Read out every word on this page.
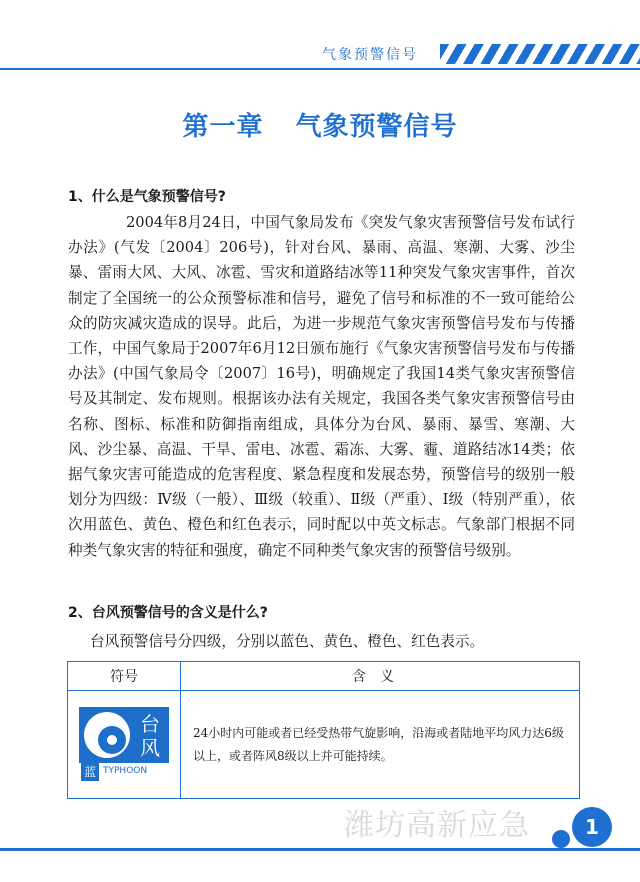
气象预警信号
第一章 气象预警信号
1、什么是气象预警信号?

2004年8月24日，中国气象局发布《突发气象灾害预警信号发布试行办法》(气发〔2004〕206号)，针对台风、暴雨、高温、寒潮、大雾、沙尘暴、雷雨大风、大风、冰雹、雪灾和道路结冰等11种突发气象灾害事件，首次制定了全国统一的公众预警标准和信号，避免了信号和标准的不一致可能给公众的防灾减灾造成的误导。此后，为进一步规范气象灾害预警信号发布与传播工作，中国气象局于2007年6月12日颁布施行《气象灾害预警信号发布与传播办法》(中国气象局令〔2007〕16号)，明确规定了我国14类气象灾害预警信号及其制定、发布规则。根据该办法有关规定，我国各类气象灾害预警信号由名称、图标、标准和防御指南组成，具体分为台风、暴雨、暴雪、寒潮、大风、沙尘暴、高温、干旱、雷电、冰雹、霜冻、大雾、霾、道路结冰14类；依据气象灾害可能造成的危害程度、紧急程度和发展态势，预警信号的级别一般划分为四级：Ⅳ级（一般）、Ⅲ级（较重）、Ⅱ级（严重）、Ⅰ级（特别严重），依次用蓝色、黄色、橙色和红色表示，同时配以中英文标志。气象部门根据不同种类气象灾害的特征和强度，确定不同种类气象灾害的预警信号级别。

2、台风预警信号的含义是什么?
台风预警信号分四级，分别以蓝色、黄色、橙色、红色表示。
符号	含义

台
风
蓝 TYPHOON	24小时内可能或者已经受热带气旋影响，沿海或者陆地平均风力达6级以上，或者阵风8级以上并可能持续。
潍坊高新应急	1
